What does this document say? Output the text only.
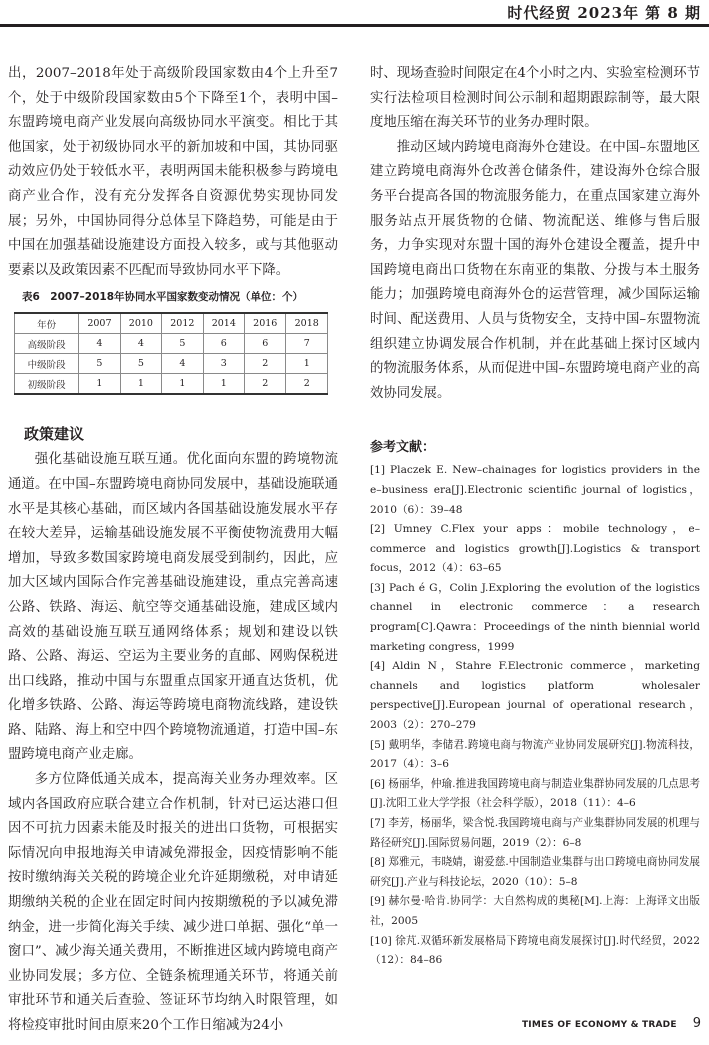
时代经贸 2023年 第 8 期

出，2007–2018年处于高级阶段国家数由4个上升至7个，处于中级阶段国家数由5个下降至1个，表明中国–东盟跨境电商产业发展向高级协同水平演变。相比于其他国家，处于初级协同水平的新加坡和中国，其协同驱动效应仍处于较低水平，表明两国未能积极参与跨境电商产业合作，没有充分发挥各自资源优势实现协同发展；另外，中国协同得分总体呈下降趋势，可能是由于中国在加强基础设施建设方面投入较多，或与其他驱动要素以及政策因素不匹配而导致协同水平下降。

表6　2007–2018年协同水平国家数变动情况（单位：个）
年份	2007	2010	2012	2014	2016	2018
高级阶段	4	4	5	6	6	7
中级阶段	5	5	4	3	2	1
初级阶段	1	1	1	1	2	2
政策建议

强化基础设施互联互通。优化面向东盟的跨境物流通道。在中国–东盟跨境电商协同发展中，基础设施联通水平是其核心基础，而区域内各国基础设施发展水平存在较大差异，运输基础设施发展不平衡使物流费用大幅增加，导致多数国家跨境电商发展受到制约，因此，应加大区域内国际合作完善基础设施建设，重点完善高速公路、铁路、海运、航空等交通基础设施，建成区域内高效的基础设施互联互通网络体系；规划和建设以铁路、公路、海运、空运为主要业务的直邮、网购保税进出口线路，推动中国与东盟重点国家开通直达货机，优化增多铁路、公路、海运等跨境电商物流线路，建设铁路、陆路、海上和空中四个跨境物流通道，打造中国–东盟跨境电商产业走廊。

多方位降低通关成本，提高海关业务办理效率。区域内各国政府应联合建立合作机制，针对已运达港口但因不可抗力因素未能及时报关的进出口货物，可根据实际情况向申报地海关申请减免滞报金，因疫情影响不能按时缴纳海关关税的跨境企业允许延期缴税，对申请延期缴纳关税的企业在固定时间内按期缴税的予以减免滞纳金，进一步简化海关手续、减少进口单据、强化“单一窗口”、减少海关通关费用，不断推进区域内跨境电商产业协同发展；多方位、全链条梳理通关环节，将通关前审批环节和通关后查验、签证环节均纳入时限管理，如将检疫审批时间由原来20个工作日缩减为24小

时、现场查验时间限定在4个小时之内、实验室检测环节实行法检项目检测时间公示制和超期跟踪制等，最大限度地压缩在海关环节的业务办理时限。

推动区域内跨境电商海外仓建设。在中国–东盟地区建立跨境电商海外仓改善仓储条件，建设海外仓综合服务平台提高各国的物流服务能力，在重点国家建立海外服务站点开展货物的仓储、物流配送、维修与售后服务，力争实现对东盟十国的海外仓建设全覆盖，提升中国跨境电商出口货物在东南亚的集散、分拨与本土服务能力；加强跨境电商海外仓的运营管理，减少国际运输时间、配送费用、人员与货物安全，支持中国–东盟物流组织建立协调发展合作机制，并在此基础上探讨区域内的物流服务体系，从而促进中国–东盟跨境电商产业的高效协同发展。

参考文献：
[1] Placzek E. New–chainages for logistics providers in the e–business era[J].Electronic scientific journal of logistics，2010（6）：39–48
[2] Umney C.Flex your apps：mobile technology，e–commerce and logistics growth[J].Logistics & transport focus，2012（4）：63–65
[3] Pach é G，Colin J.Exploring the evolution of the logistics channel in electronic commerce：a research program[C].Qawra：Proceedings of the ninth biennial world marketing congress，1999
[4] Aldin N，Stahre F.Electronic commerce，marketing channels and logistics platform　wholesaler perspective[J].European journal of operational research，2003（2）：270–279
[5] 戴明华，李储君.跨境电商与物流产业协同发展研究[J].物流科技，2017（4）：3–6
[6] 杨丽华，仲瑜.推进我国跨境电商与制造业集群协同发展的几点思考[J].沈阳工业大学学报（社会科学版），2018（11）：4–6
[7] 李芳，杨丽华，梁含悦.我国跨境电商与产业集群协同发展的机理与路径研究[J].国际贸易问题，2019（2）：6–8
[8] 郑雅元，韦晓婧，谢爱慈.中国制造业集群与出口跨境电商协同发展研究[J].产业与科技论坛，2020（10）：5–8
[9] 赫尔曼·哈肯.协同学：大自然构成的奥秘[M].上海：上海译文出版社，2005
[10] 徐芃.双循环新发展格局下跨境电商发展探讨[J].时代经贸，2022（12）：84–86
TIMES OF ECONOMY & TRADE 9
